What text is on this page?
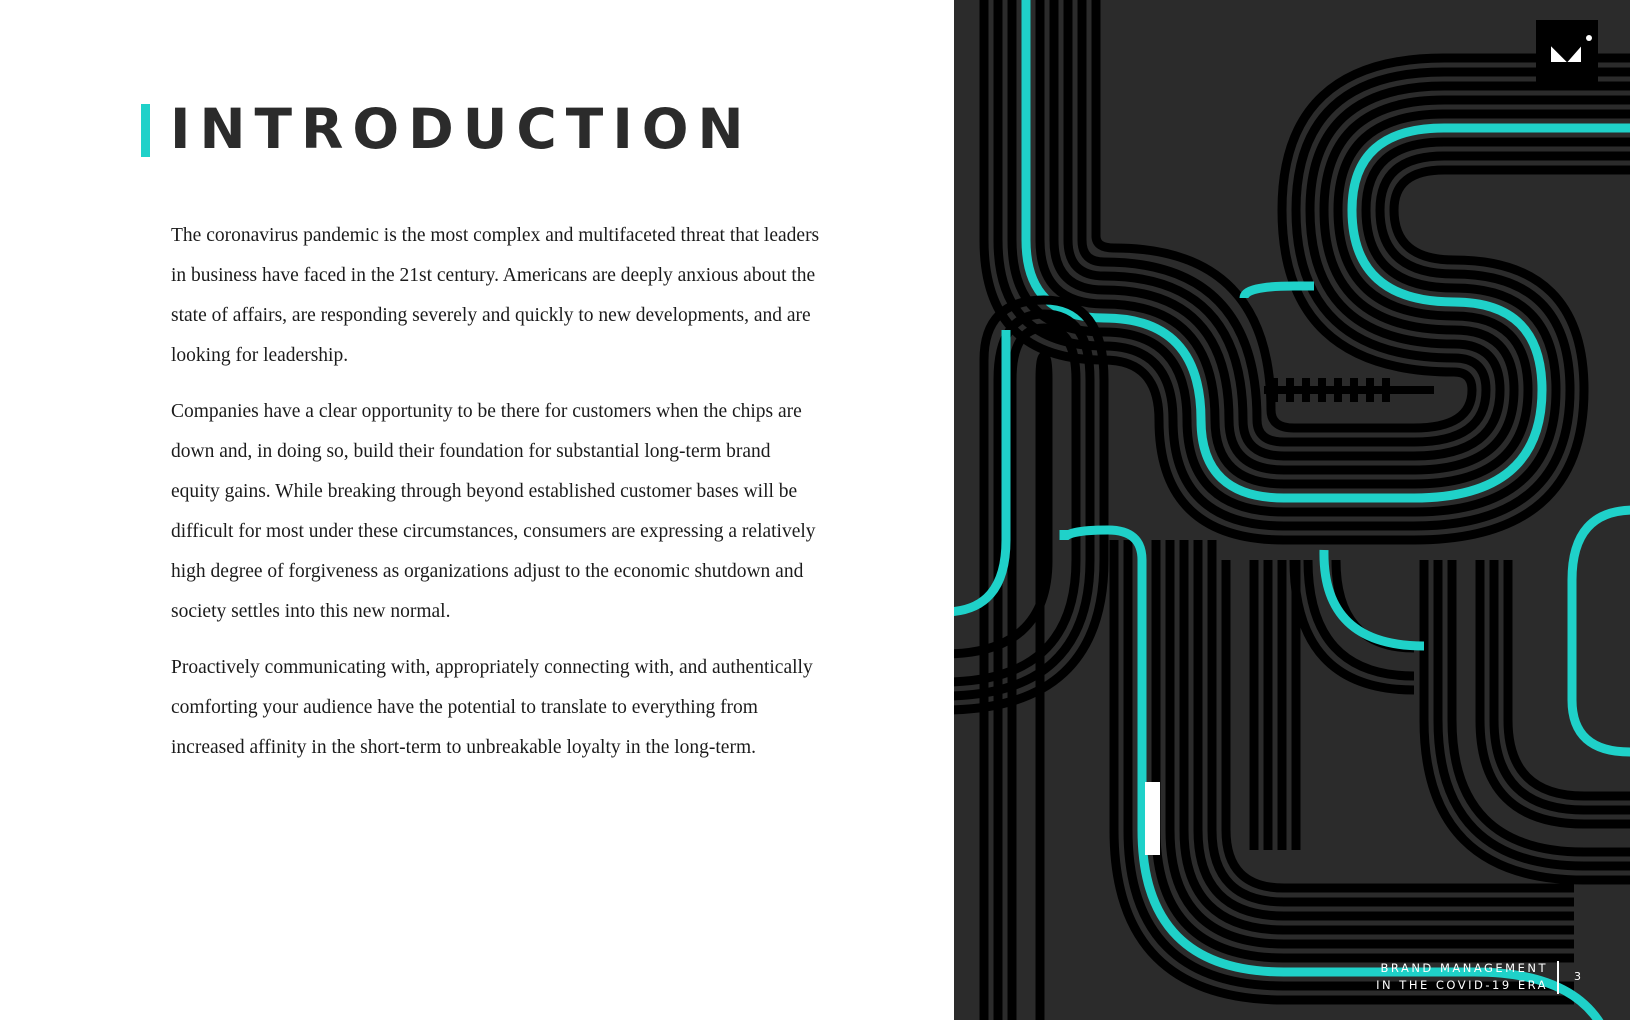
INTRODUCTION

The coronavirus pandemic is the most complex and multifaceted threat that leaders in business have faced in the 21st century. Americans are deeply anxious about the state of affairs, are responding severely and quickly to new developments, and are looking for leadership.

Companies have a clear opportunity to be there for customers when the chips are down and, in doing so, build their foundation for substantial long-term brand equity gains. While breaking through beyond established customer bases will be difficult for most under these circumstances, consumers are expressing a relatively high degree of forgiveness as organizations adjust to the economic shutdown and society settles into this new normal.

Proactively communicating with, appropriately connecting with, and authentically comforting your audience have the potential to translate to everything from increased affinity in the short-term to unbreakable loyalty in the long-term.

BRAND MANAGEMENT
IN THE COVID-19 ERA
3
